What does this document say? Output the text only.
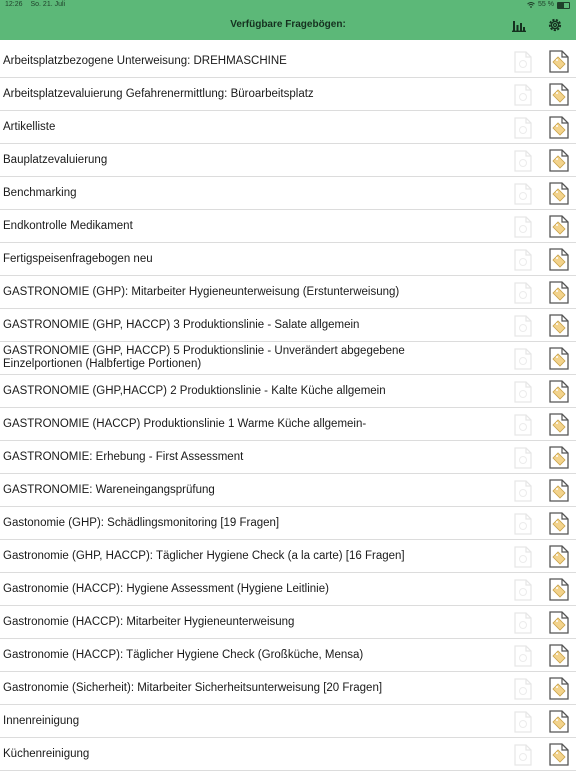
12:26 So. 21. Juli	55 %
Verfügbare Fragebögen:
Arbeitsplatzbezogene Unterweisung: DREHMASCHINE
Arbeitsplatzevaluierung Gefahrenermittlung: Büroarbeitsplatz
Artikelliste
Bauplatzevaluierung
Benchmarking
Endkontrolle Medikament
Fertigspeisenfragebogen neu
GASTRONOMIE (GHP): Mitarbeiter Hygieneunterweisung (Erstunterweisung)
GASTRONOMIE (GHP, HACCP) 3 Produktionslinie - Salate allgemein
GASTRONOMIE (GHP, HACCP) 5 Produktionslinie - Unverändert abgegebene Einzelportionen (Halbfertige Portionen)
GASTRONOMIE (GHP,HACCP) 2 Produktionslinie - Kalte Küche allgemein
GASTRONOMIE (HACCP) Produktionslinie 1 Warme Küche allgemein-
GASTRONOMIE: Erhebung - First Assessment
GASTRONOMIE: Wareneingangsprüfung
Gastonomie (GHP): Schädlingsmonitoring [19 Fragen]
Gastronomie (GHP, HACCP): Täglicher Hygiene Check (a la carte) [16 Fragen]
Gastronomie (HACCP): Hygiene Assessment (Hygiene Leitlinie)
Gastronomie (HACCP): Mitarbeiter Hygieneunterweisung
Gastronomie (HACCP): Täglicher Hygiene Check (Großküche, Mensa)
Gastronomie (Sicherheit): Mitarbeiter Sicherheitsunterweisung [20 Fragen]
Innenreinigung
Küchenreinigung
